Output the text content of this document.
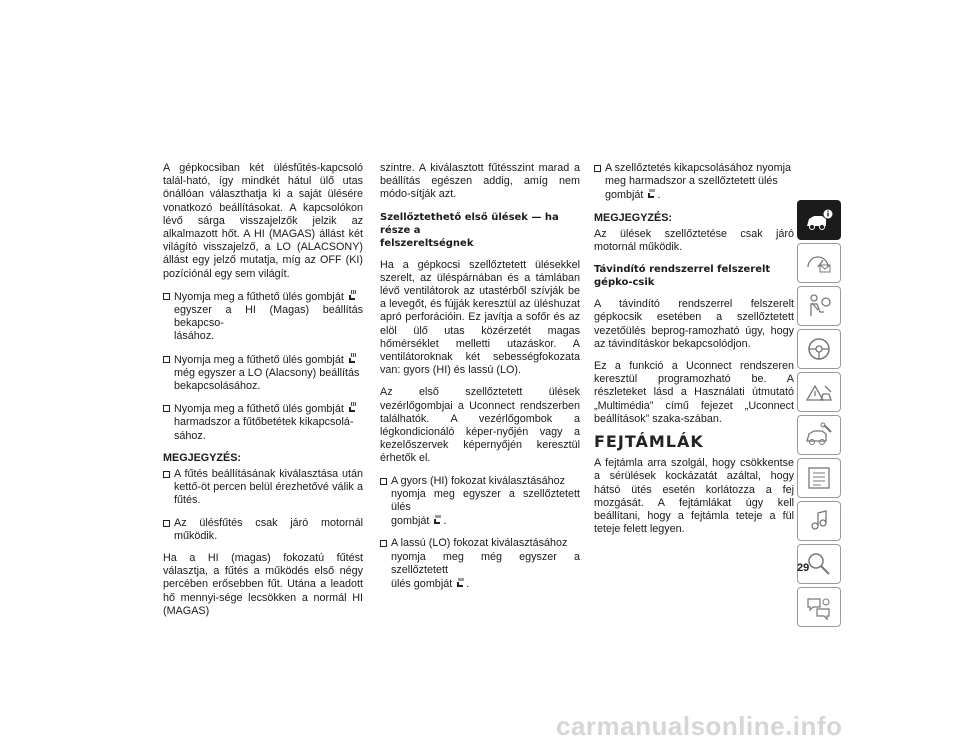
A gépkocsiban két ülésfűtés-kapcsoló talál-ható, így mindkét hátul ülő utas önállóan választhatja ki a saját ülésére vonatkozó beállításokat. A kapcsolókon lévő sárga visszajelzők jelzik az alkalmazott hőt. A HI (MAGAS) állást két világító visszajelző, a LO (ALACSONY) állást egy jelző mutatja, míg az OFF (KI) pozíciónál egy sem világít.

Nyomja meg a fűthető ülés gombját
egyszer a HI (Magas) beállítás bekapcso-
lásához.
Nyomja meg a fűthető ülés gombját
még egyszer a LO (Alacsony) beállítás
bekapcsolásához.
Nyomja meg a fűthető ülés gombját
harmadszor a fűtőbetétek kikapcsolá-
sához.
MEGJEGYZÉS:
A fűtés beállításának kiválasztása után kettő-öt percen belül érezhetővé válik a fűtés.
Az ülésfűtés csak járó motornál működik.

Ha a HI (magas) fokozatú fűtést választja, a fűtés a működés első négy percében erősebben fűt. Utána a leadott hő mennyi-sége lecsökken a normál HI (MAGAS)

szintre. A kiválasztott fűtésszint marad a beállítás egészen addig, amíg nem módo-sítják azt.

Szellőztethető első ülések — ha része a
felszereltségnek

Ha a gépkocsi szellőztetett ülésekkel szerelt, az üléspárnában és a támlában lévő ventilátorok az utastérből szívják be a levegőt, és fújják keresztül az üléshuzat apró perforációin. Ez javítja a sofőr és az elöl ülő utas közérzetét magas hőmérséklet melletti utazáskor. A ventilátoroknak két sebességfokozata van: gyors (HI) és lassú (LO).

Az első szellőztetett ülések vezérlőgombjai a Uconnect rendszerben találhatók. A vezérlőgombok a légkondicionáló képer-nyőjén vagy a kezelőszervek képernyőjén keresztül érhetők el.

A gyors (HI) fokozat kiválasztásához
nyomja meg egyszer a szellőztetett ülés
gombját .
A lassú (LO) fokozat kiválasztásához
nyomja meg még egyszer a szellőztetett
ülés gombját .
A szellőztetés kikapcsolásához nyomja
meg harmadszor a szellőztetett ülés
gombját .
MEGJEGYZÉS:

Az ülések szellőztetése csak járó motornál működik.

Távindító rendszerrel felszerelt gépko-csik

A távindító rendszerrel felszerelt gépkocsik esetében a szellőztetett vezetőülés beprog-ramozható úgy, hogy az távindításkor bekapcsolódjon.

Ez a funkció a Uconnect rendszeren keresztül programozható be. A részleteket lásd a Használati útmutató „Multimédia” című fejezet „Uconnect beállítások” szaka-szában.

FEJTÁMLÁK

A fejtámla arra szolgál, hogy csökkentse a sérülések kockázatát azáltal, hogy hátsó ütés esetén korlátozza a fej mozgását. A fejtámlákat úgy kell beállítani, hogy a fejtámla teteje a fül teteje felett legyen.

29
carmanualsonline.info
